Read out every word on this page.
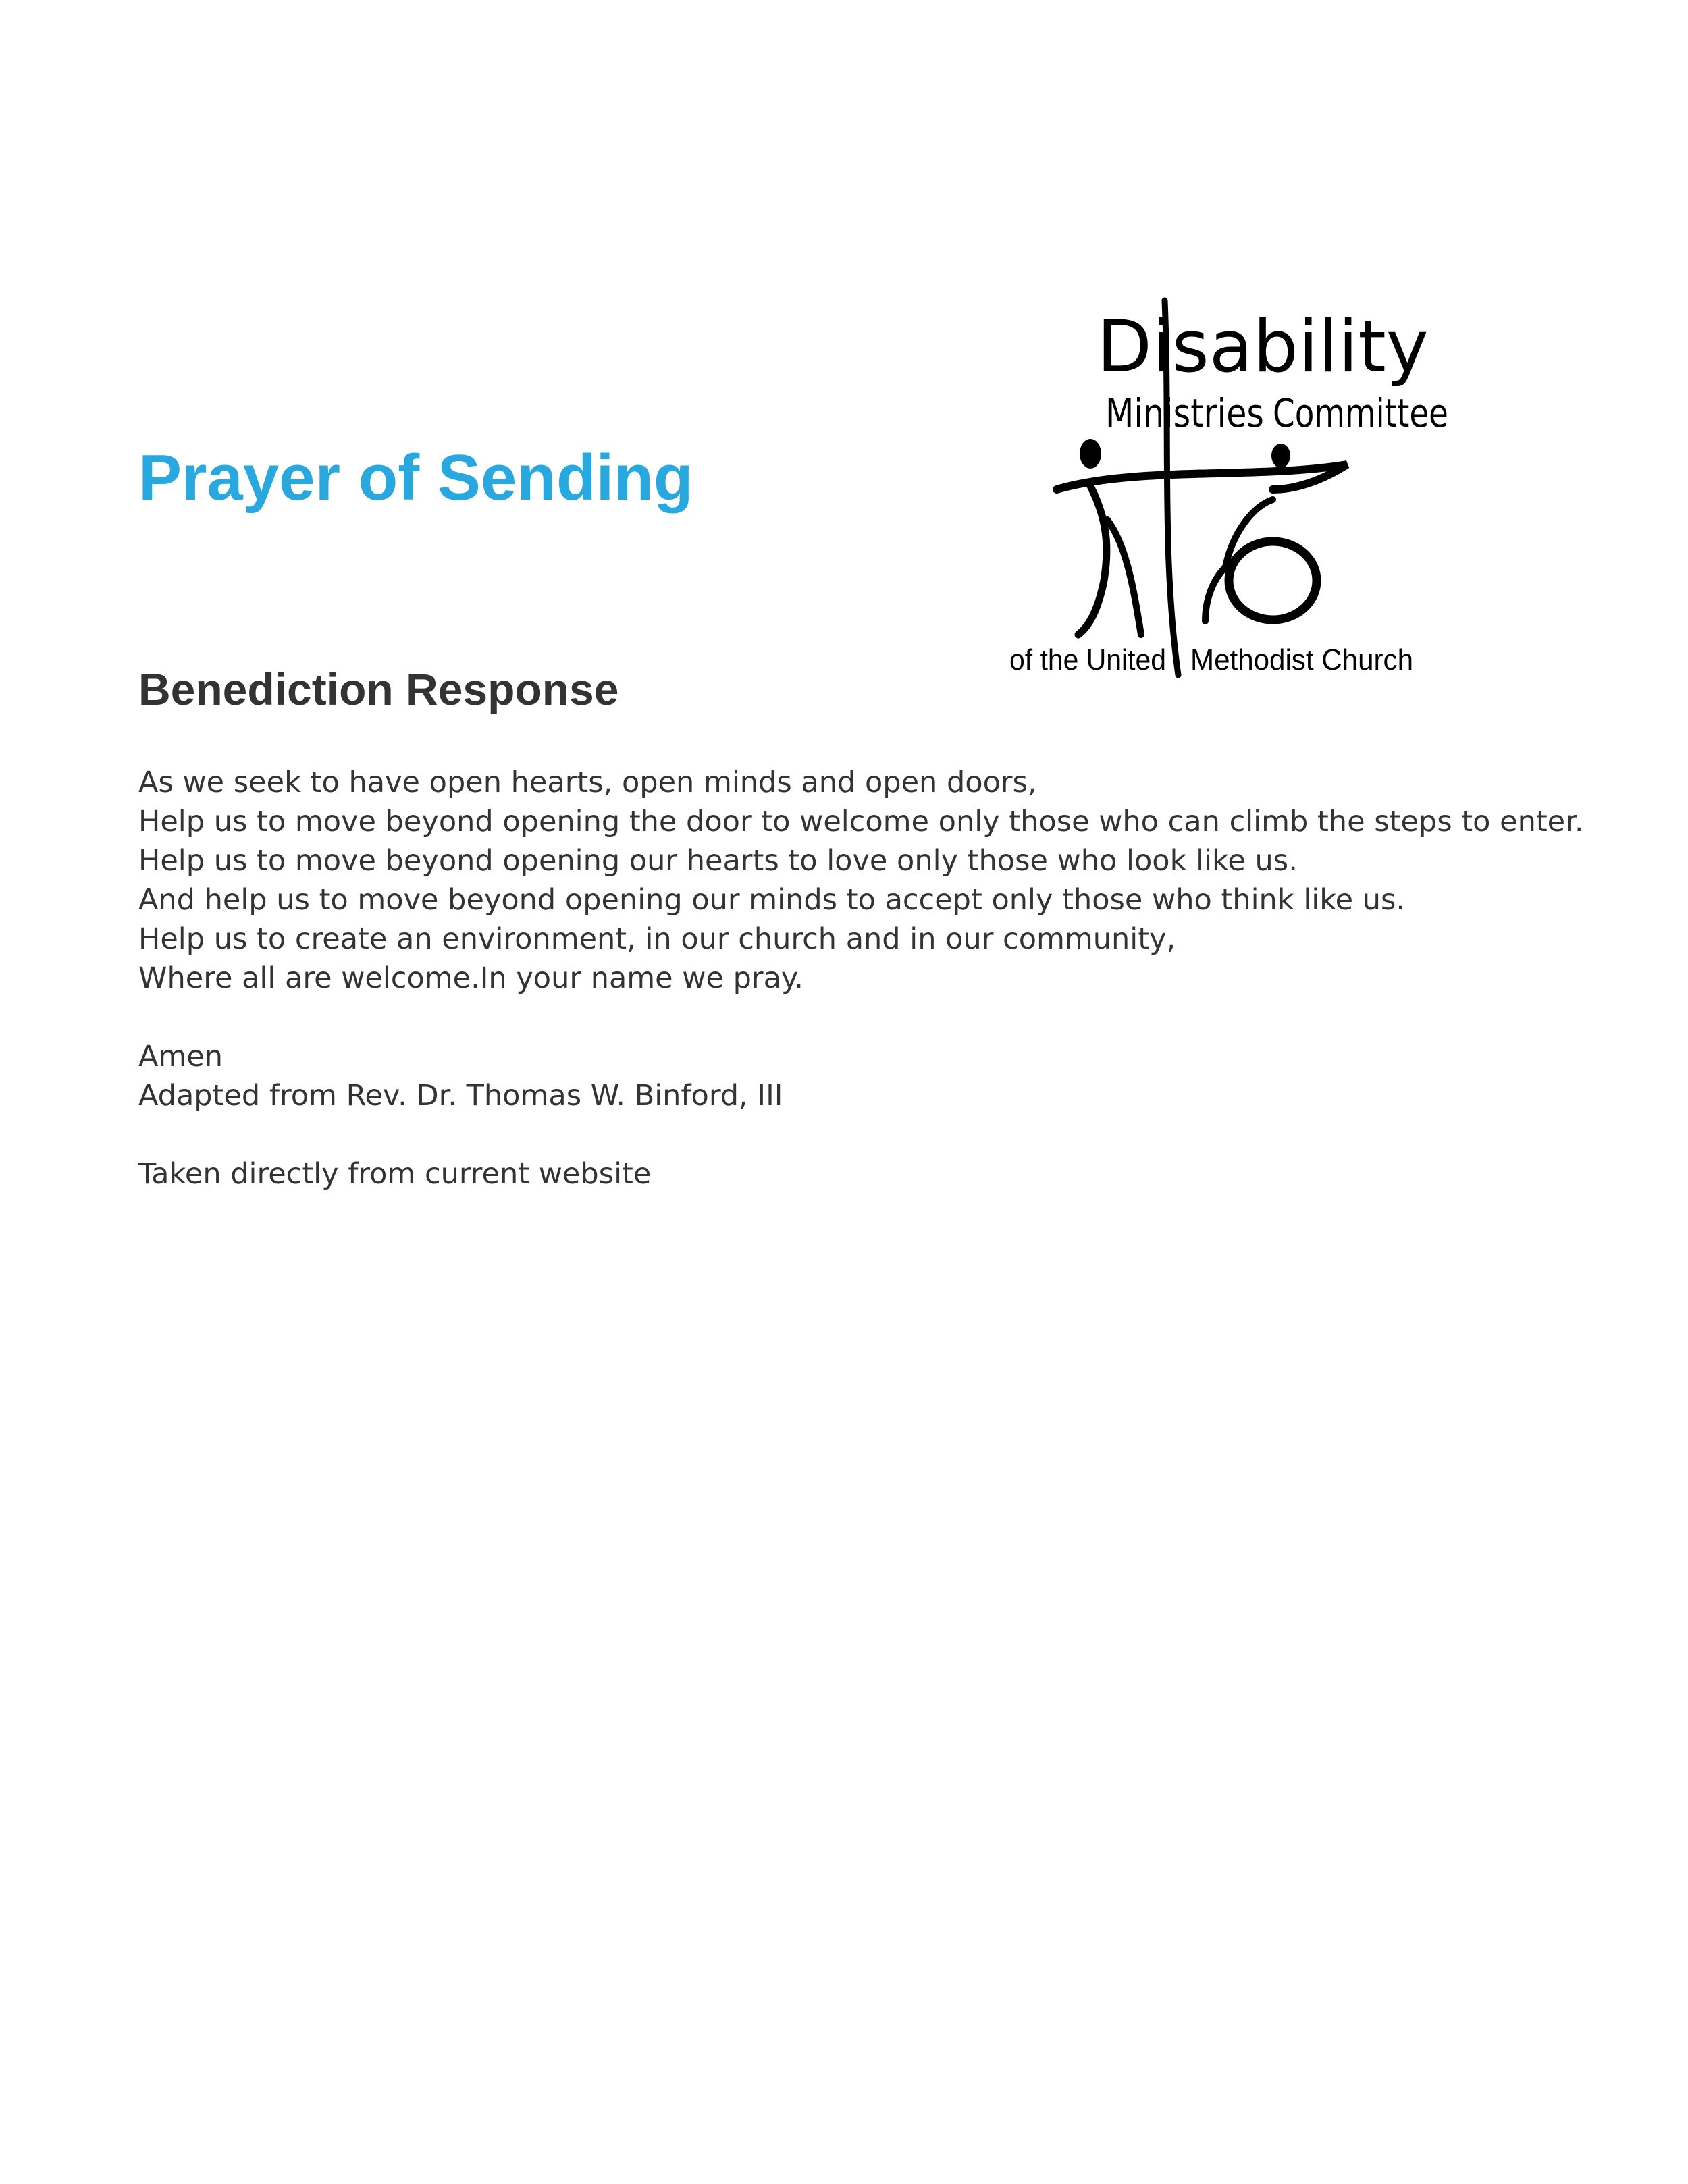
Prayer of Sending
Disability
Ministries Committee
of the United Methodist Church
Benediction Response
As we seek to have open hearts, open minds and open doors,
Help us to move beyond opening the door to welcome only those who can climb the steps to enter.
Help us to move beyond opening our hearts to love only those who look like us.
And help us to move beyond opening our minds to accept only those who think like us.
Help us to create an environment, in our church and in our community,
Where all are welcome.In your name we pray.
Amen
Adapted from Rev. Dr. Thomas W. Binford, III
Taken directly from current website
